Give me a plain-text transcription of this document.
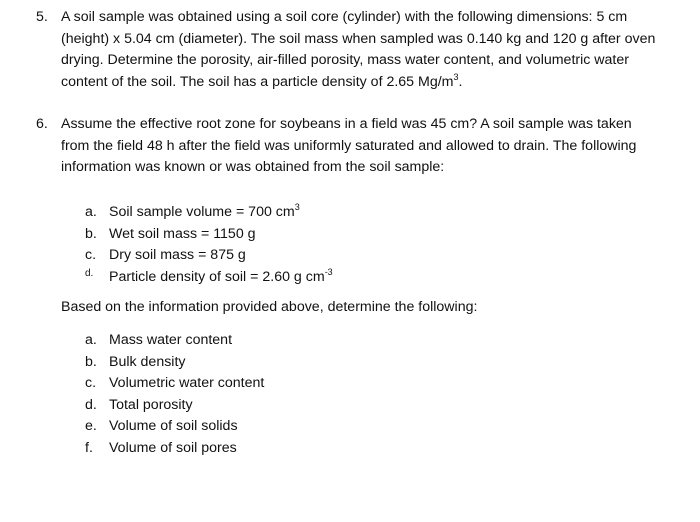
5. A soil sample was obtained using a soil core (cylinder) with the following dimensions: 5 cm (height) x 5.04 cm (diameter). The soil mass when sampled was 0.140 kg and 120 g after oven drying. Determine the porosity, air-filled porosity, mass water content, and volumetric water content of the soil. The soil has a particle density of 2.65 $Mg/m^3$.
6. Assume the effective root zone for soybeans in a field was 45 cm? A soil sample was taken from the field 48 h after the field was uniformly saturated and allowed to drain. The following information was known or was obtained from the soil sample:
a. Soil sample volume = 700 $cm^3$
b. Wet soil mass = 1150 g
c. Dry soil mass = 875 g
d.	Particle density of soil = 2.60 g $cm^{-3}$
Based on the information provided above, determine the following:
a. Mass water content
b. Bulk density
c. Volumetric water content
d. Total porosity
e. Volume of soil solids
f.	Volume of soil pores
